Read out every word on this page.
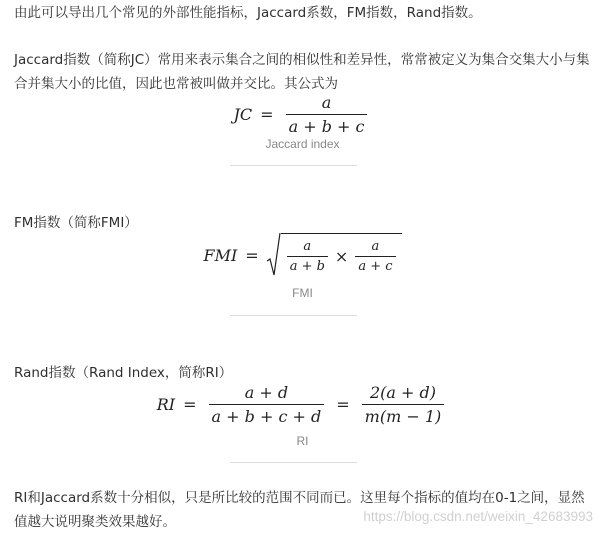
由此可以导出几个常见的外部性能指标，Jaccard系数，FM指数，Rand指数。

Jaccard指数（简称JC）常用来表示集合之间的相似性和差异性，常常被定义为集合交集大小与集合并集大小的比值，因此也常被叫做并交比。其公式为

JC = $\frac{a}{a + b + c}$
Jaccard index

FM指数（简称FMI）

FMI = $\frac{a}{a + b} \times \frac{a}{a + c}$
FMI

Rand指数（Rand Index，简称RI）

RI = $\frac{a + d}{a + b + c + d} = \frac{2(a + d)}{m(m - 1)}$
RI

RI和Jaccard系数十分相似，只是所比较的范围不同而已。这里每个指标的值均在0-1之间，显然值越大说明聚类效果越好。	https://blog.csdn.net/weixin_42683993
